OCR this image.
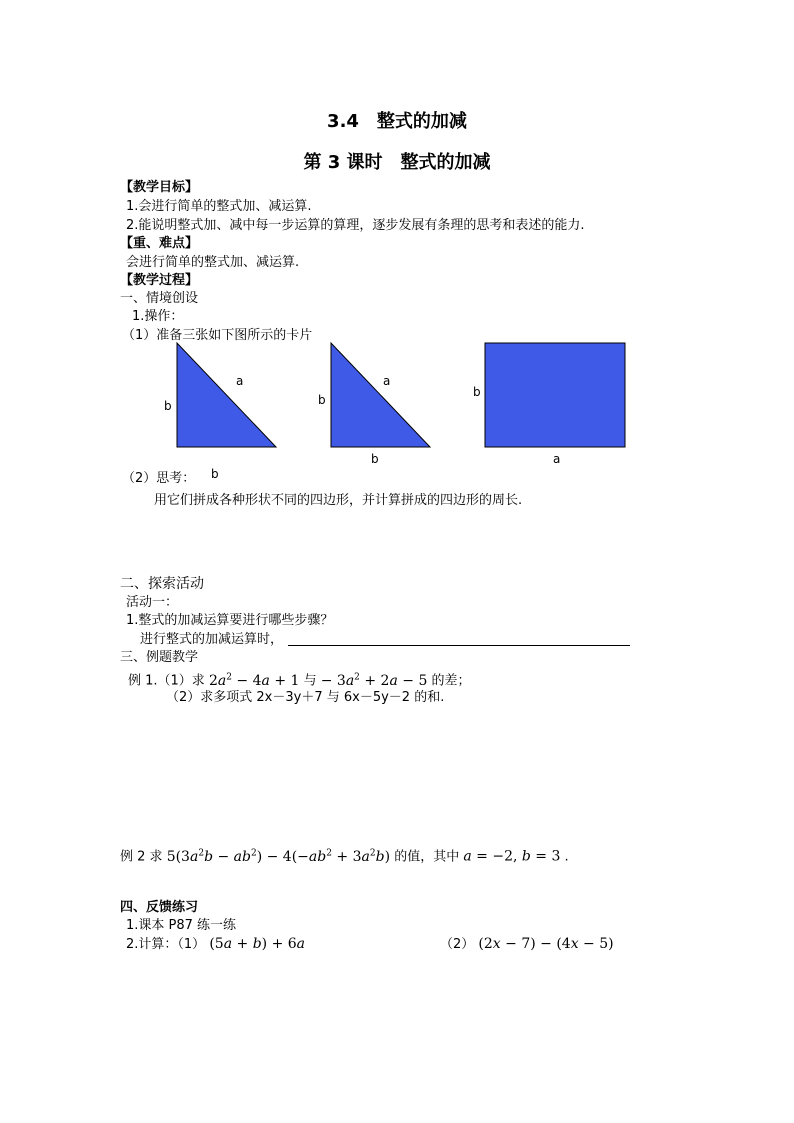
3.4　整式的加减
第 3 课时　整式的加减
【教学目标】
1.会进行简单的整式加、减运算.
2.能说明整式加、减中每一步运算的算理，逐步发展有条理的思考和表述的能力.
【重、难点】
会进行简单的整式加、减运算.
【教学过程】
一、情境创设
1.操作：
（1）准备三张如下图所示的卡片
b
a
b
b
a
b
b
a
（2）思考：
用它们拼成各种形状不同的四边形，并计算拼成的四边形的周长.
二、探索活动
活动一：
1.整式的加减运算要进行哪些步骤？
进行整式的加减运算时，
三、例题教学
例 1.（1）求 $2a^2 - 4a + 1$ 与 − $3a^2 + 2a - 5$ 的差；
（2）求多项式 2x－3y＋7 与 6x－5y－2 的和.
例 2 求 $5(3a^2b - ab^2) - 4(-ab^2 + 3a^2b)$ 的值，其中 a = −2, b = 3 .
四、反馈练习
1.课本 P87 练一练
2.计算：（1） (5a + b) + 6a	（2） (2x − 7) − (4x − 5)
